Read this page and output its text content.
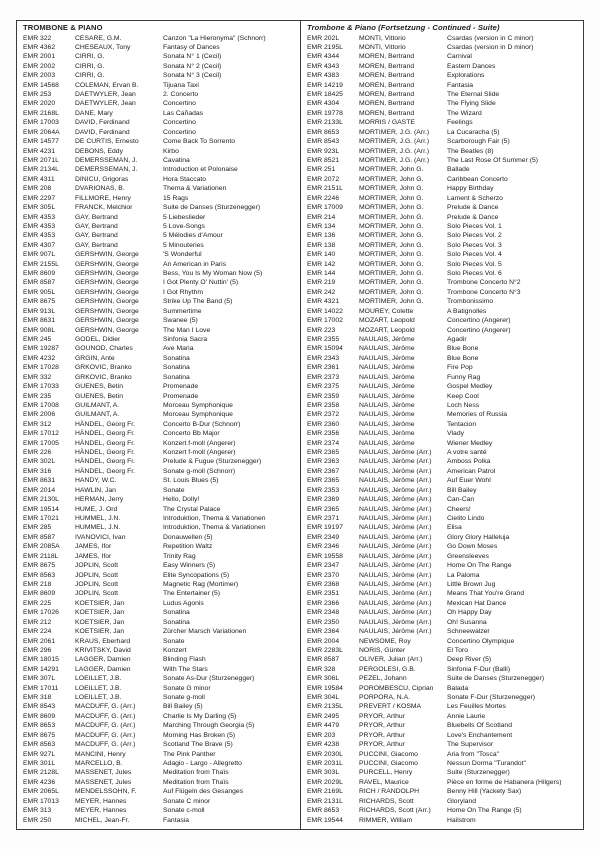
TROMBONE & PIANO
EMR 322	CESARE, G.M.	Canzon "La Hieronyma" (Schnorr)
EMR 4362	CHESEAUX, Tony	Fantasy of Dances
EMR 2001	CIRRI, G.	Sonata N° 1 (Cecil)
EMR 2002	CIRRI, G.	Sonata N° 2 (Cecil)
EMR 2003	CIRRI, G.	Sonata N° 3 (Cecil)
EMR 14568	COLEMAN, Ervan B.	Tijuana Taxi
EMR 253	DAETWYLER, Jean	2. Concerto
EMR 2020	DAETWYLER, Jean	Concertino
EMR 2168L	DANE, Mary	Las Cañadas
EMR 17003	DAVID, Ferdinand	Concertino
EMR 2064A	DAVID, Ferdinand	Concertino
EMR 14577	DE CURTIS, Ernesto	Come Back To Sorrento
EMR 4231	DEBONS, Eddy	Kirbo
EMR 2071L	DEMERSSEMAN, J.	Cavatina
EMR 2134L	DEMERSSEMAN, J.	Introduction et Polonaise
EMR 4311	DINICU, Grigoras	Hora Staccato
EMR 208	DVARIONAS, B.	Thema & Variationen
EMR 2297	FILLMORE, Henry	15 Rags
EMR 305L	FRANCK, Melchior	Suite de Danses (Sturzenegger)
EMR 4353	GAY, Bertrand	5 Liebeslieder
EMR 4353	GAY, Bertrand	5 Love-Songs
EMR 4353	GAY, Bertrand	5 Mélodies d'Amour
EMR 4307	GAY, Bertrand	5 Minouteries
EMR 907L	GERSHWIN, George	'S Wonderful
EMR 2155L	GERSHWIN, George	An American in Paris
EMR 8609	GERSHWIN, George	Bess, You Is My Woman Now (5)
EMR 8587	GERSHWIN, George	I Got Plenty O' Nuttin' (5)
EMR 905L	GERSHWIN, George	I Got Rhythm
EMR 8675	GERSHWIN, George	Strike Up The Band (5)
EMR 913L	GERSHWIN, George	Summertime
EMR 8631	GERSHWIN, George	Swanee (5)
EMR 908L	GERSHWIN, George	The Man I Love
EMR 245	GODEL, Didier	Sinfonia Sacra
EMR 19287	GOUNOD, Charles	Ave Maria
EMR 4232	GRGIN, Ante	Sonatina
EMR 17028	GRKOVIC, Branko	Sonatina
EMR 332	GRKOVIC, Branko	Sonatina
EMR 17033	GUENES, Betin	Promenade
EMR 235	GUENES, Betin	Promenade
EMR 17008	GUILMANT, A.	Morceau Symphonique
EMR 2006	GUILMANT, A.	Morceau Symphonique
EMR 312	HÄNDEL, Georg Fr.	Concerto B-Dur (Schnorr)
EMR 17012	HÄNDEL, Georg Fr.	Concerto Bb Major
EMR 17005	HÄNDEL, Georg Fr.	Konzert f-moll (Angerer)
EMR 226	HÄNDEL, Georg Fr.	Konzert f-moll (Angerer)
EMR 302L	HÄNDEL, Georg Fr.	Prelude & Fugue (Sturzenegger)
EMR 316	HÄNDEL, Georg Fr.	Sonate g-moll (Schnorr)
EMR 8631	HANDY, W.C.	St. Louis Blues (5)
EMR 2014	HAWLIN, Jan	Sonate
EMR 2130L	HERMAN, Jerry	Hello, Dolly!
EMR 19514	HUME, J. Ord	The Crystal Palace
EMR 17021	HUMMEL, J.N.	Introduktion, Thema & Variationen
EMR 285	HUMMEL, J.N.	Introduktion, Thema & Variationen
EMR 8587	IVANOVICI, Ivan	Donauwellen (5)
EMR 2085A	JAMES, Ifor	Repetition Waltz
EMR 2118L	JAMES, Ifor	Trinity Rag
EMR 8675	JOPLIN, Scott	Easy Winners (5)
EMR 8563	JOPLIN, Scott	Elite Syncopations (5)
EMR 218	JOPLIN, Scott	Magnetic Rag (Mortimer)
EMR 8609	JOPLIN, Scott	The Entertainer (5)
EMR 225	KOETSIER, Jan	Ludus Agonis
EMR 17026	KOETSIER, Jan	Sonatina
EMR 212	KOETSIER, Jan	Sonatina
EMR 224	KOETSIER, Jan	Zürcher Marsch Variationen
EMR 2061	KRAUS, Eberhard	Sonate
EMR 296	KRIVITSKY, David	Konzert
EMR 18015	LAGGER, Damien	Blinding Flash
EMR 14291	LAGGER, Damien	With The Stars
EMR 307L	LOEILLET, J.B.	Sonate As-Dur (Sturzenegger)
EMR 17011	LOEILLET, J.B.	Sonate G minor
EMR 318	LOEILLET, J.B.	Sonate g-moll
EMR 8543	MACDUFF, G. (Arr.)	Bill Bailey (5)
EMR 8609	MACDUFF, G. (Arr.)	Charlie Is My Darling (5)
EMR 8653	MACDUFF, G. (Arr.)	Marching Through Georgia (5)
EMR 8675	MACDUFF, G. (Arr.)	Morning Has Broken (5)
EMR 8563	MACDUFF, G. (Arr.)	Scotland The Brave (5)
EMR 927L	MANCINI, Henry	The Pink Panther
EMR 301L	MARCELLO, B.	Adagio - Largo - Allegretto
EMR 2128L	MASSENET, Jules	Meditation from Thaïs
EMR 4236	MASSENET, Jules	Meditation from Thaïs
EMR 2065L	MENDELSSOHN, F.	Auf Flügeln des Gesanges
EMR 17013	MEYER, Hannes	Sonate C minor
EMR 313	MEYER, Hannes	Sonate c-moll
EMR 250	MICHEL, Jean-Fr.	Fantasia
Trombone & Piano (Fortsetzung - Continued - Suite)
EMR 202L	MONTI, Vittorio	Csardas (version in C minor)
EMR 2195L	MONTI, Vittorio	Csardas (version in D minor)
EMR 4344	MOREN, Bertrand	Carnival
EMR 4343	MOREN, Bertrand	Eastern Dances
EMR 4383	MOREN, Bertrand	Explorations
EMR 14219	MOREN, Bertrand	Fantasia
EMR 18425	MOREN, Bertrand	The Eternal Slide
EMR 4304	MOREN, Bertrand	The Flying Slide
EMR 19778	MOREN, Bertrand	The Wizard
EMR 2133L	MORRIS / GASTE	Feelings
EMR 8653	MORTIMER, J.G. (Arr.)	La Cucaracha (5)
EMR 8543	MORTIMER, J.G. (Arr.)	Scarborough Fair (5)
EMR 923L	MORTIMER, J.G. (Arr.)	The Beatles (8)
EMR 8521	MORTIMER, J.G. (Arr.)	The Last Rose Of Summer (5)
EMR 251	MORTIMER, John G.	Ballade
EMR 2072	MORTIMER, John G.	Caribbean Concerto
EMR 2151L	MORTIMER, John G.	Happy Birthday
EMR 2246	MORTIMER, John G.	Lament & Scherzo
EMR 17009	MORTIMER, John G.	Prelude & Dance
EMR 214	MORTIMER, John G.	Prelude & Dance
EMR 134	MORTIMER, John G.	Solo Pieces Vol. 1
EMR 136	MORTIMER, John G.	Solo Pieces Vol. 2
EMR 138	MORTIMER, John G.	Solo Pieces Vol. 3
EMR 140	MORTIMER, John G.	Solo Pieces Vol. 4
EMR 142	MORTIMER, John G.	Solo Pieces Vol. 5
EMR 144	MORTIMER, John G.	Solo Pieces Vol. 6
EMR 219	MORTIMER, John G.	Trombone Concerto N°2
EMR 242	MORTIMER, John G.	Trombone Concerto N°3
EMR 4321	MORTIMER, John G.	Trombonissimo
EMR 14022	MOUREY, Colette	A Batignolles
EMR 17002	MOZART, Leopold	Concertino (Angerer)
EMR 223	MOZART, Leopold	Concertino (Angerer)
EMR 2355	NAULAIS, Jérôme	Agadir
EMR 15094	NAULAIS, Jérôme	Blue Bone
EMR 2343	NAULAIS, Jérôme	Blue Bone
EMR 2361	NAULAIS, Jérôme	Fire Pop
EMR 2373	NAULAIS, Jérôme	Funny Rag
EMR 2375	NAULAIS, Jérôme	Gospel Medley
EMR 2359	NAULAIS, Jérôme	Keep Cool
EMR 2358	NAULAIS, Jérôme	Loch Ness
EMR 2372	NAULAIS, Jérôme	Memories of Russia
EMR 2360	NAULAIS, Jérôme	Tentacion
EMR 2356	NAULAIS, Jérôme	Vlady
EMR 2374	NAULAIS, Jérôme	Wiener Medley
EMR 2365	NAULAIS, Jérôme (Arr.)	A votre santé
EMR 2363	NAULAIS, Jérôme (Arr.)	Amboss Polka
EMR 2367	NAULAIS, Jérôme (Arr.)	American Patrol
EMR 2365	NAULAIS, Jérôme (Arr.)	Auf Euer Wohl
EMR 2353	NAULAIS, Jérôme (Arr.)	Bill Bailey
EMR 2369	NAULAIS, Jérôme (Arr.)	Can-Can
EMR 2365	NAULAIS, Jérôme (Arr.)	Cheers!
EMR 2371	NAULAIS, Jérôme (Arr.)	Cielito Lindo
EMR 19197	NAULAIS, Jérôme (Arr.)	Elisa
EMR 2349	NAULAIS, Jérôme (Arr.)	Glory Glory Halleluja
EMR 2346	NAULAIS, Jérôme (Arr.)	Go Down Moses
EMR 19558	NAULAIS, Jérôme (Arr.)	Greensleeves
EMR 2347	NAULAIS, Jérôme (Arr.)	Home On The Range
EMR 2370	NAULAIS, Jérôme (Arr.)	La Paloma
EMR 2368	NAULAIS, Jérôme (Arr.)	Little Brown Jug
EMR 2351	NAULAIS, Jérôme (Arr.)	Means That You're Grand
EMR 2366	NAULAIS, Jérôme (Arr.)	Mexican Hat Dance
EMR 2348	NAULAIS, Jérôme (Arr.)	Oh Happy Day
EMR 2350	NAULAIS, Jérôme (Arr.)	Oh! Susanna
EMR 2364	NAULAIS, Jérôme (Arr.)	Schneewalzer
EMR 2004	NEWSOME, Roy	Concertino Olympique
EMR 2283L	NORIS, Günter	El Toro
EMR 8587	OLIVER, Julian (Arr.)	Deep River (5)
EMR 328	PERGOLESI, G.B.	Sinfonia F-Dur (Balli)
EMR 306L	PEZEL, Johann	Suite de Danses (Sturzenegger)
EMR 19584	POROMBESCU, Ciprian	Balada
EMR 304L	PORPORA, N.A.	Sonate F-Dur (Sturzenegger)
EMR 2135L	PREVERT / KOSMA	Les Feuilles Mortes
EMR 2495	PRYOR, Arthur	Annie Laurie
EMR 4479	PRYOR, Arthur	Bluebells Of Scotland
EMR 203	PRYOR, Arthur	Love's Enchantement
EMR 4238	PRYOR, Arthur	The Supervisor
EMR 2030L	PUCCINI, Giacomo	Aria from "Tosca"
EMR 2031L	PUCCINI, Giacomo	Nessun Dorma "Turandot"
EMR 303L	PURCELL, Henry	Suite (Sturzenegger)
EMR 2029L	RAVEL, Maurice	Pièce en forme de Habanera (Hilgers)
EMR 2169L	RICH / RANDOLPH	Benny Hill (Yackety Sax)
EMR 2131L	RICHARDS, Scott	Gloryland
EMR 8653	RICHARDS, Scott (Arr.)	Home On The Range (5)
EMR 19544	RIMMER, William	Hailstrom
